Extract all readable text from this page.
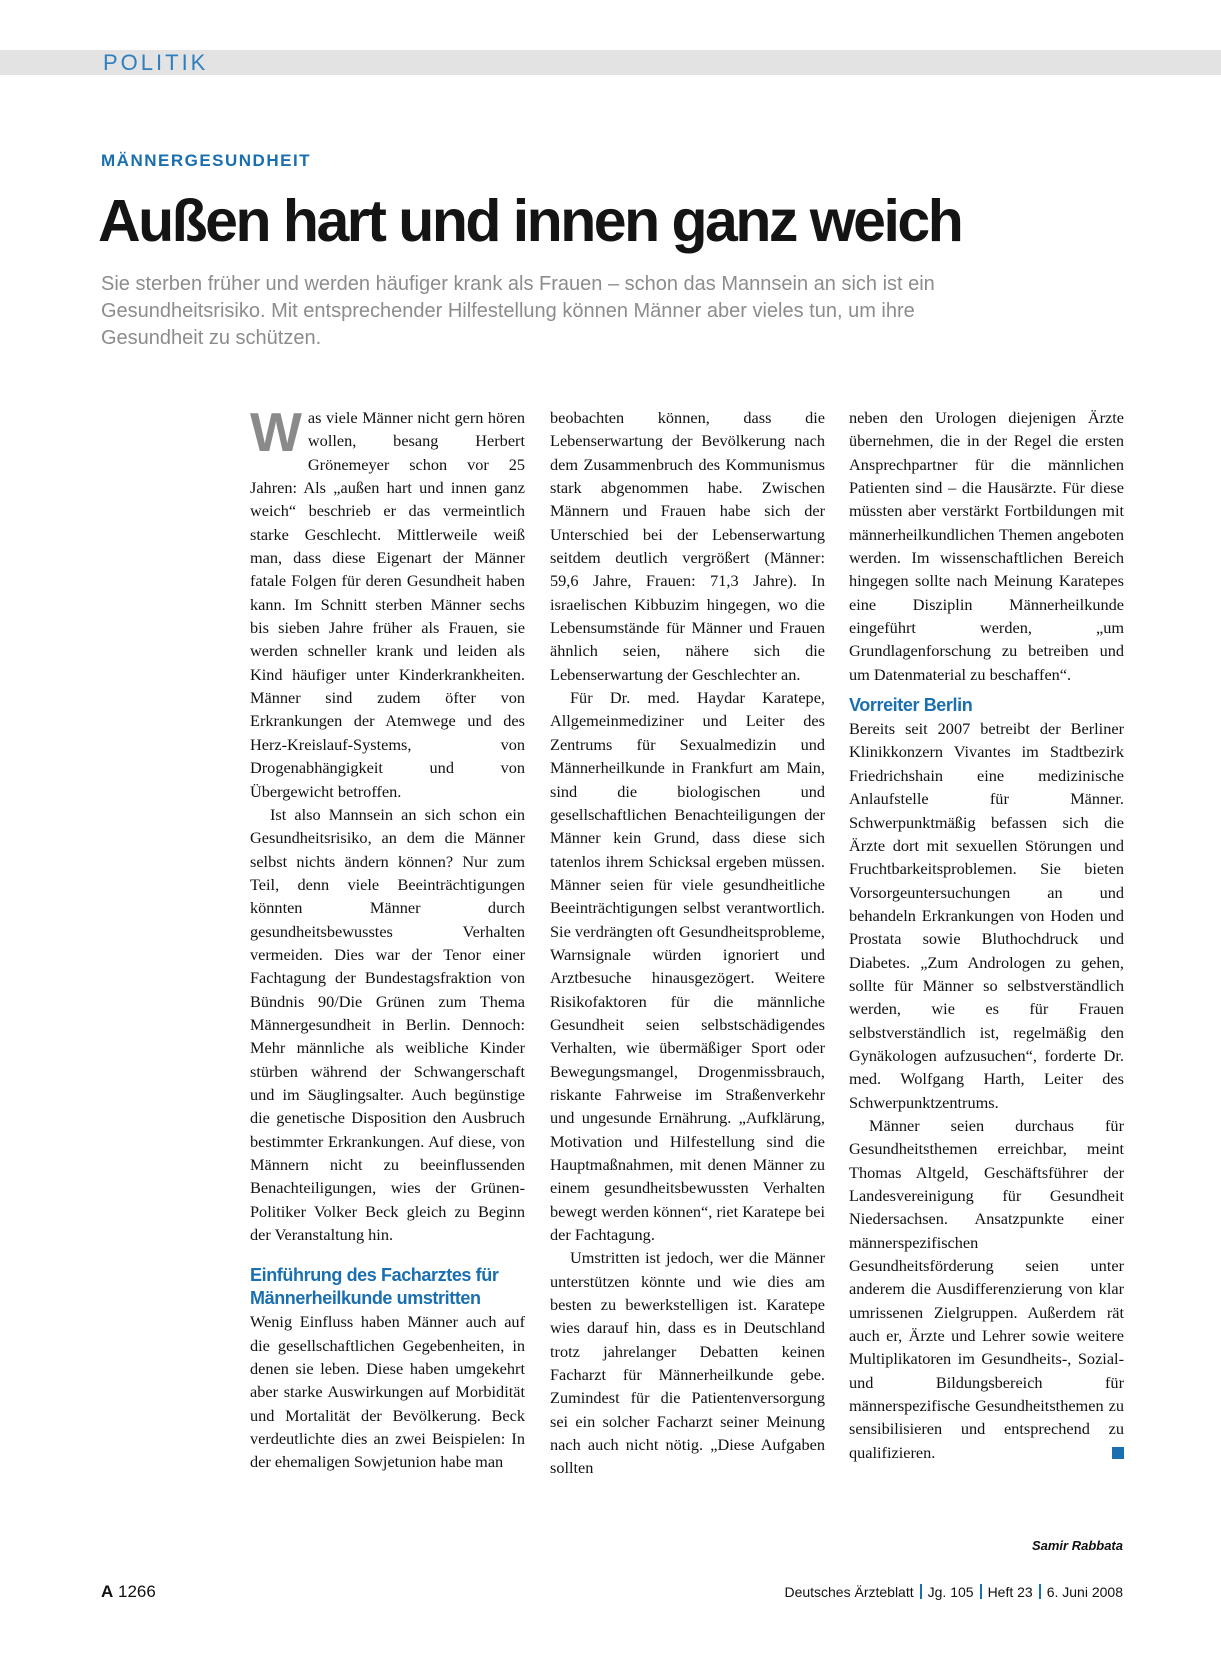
POLITIK
MÄNNERGESUNDHEIT
Außen hart und innen ganz weich

Sie sterben früher und werden häufiger krank als Frauen – schon das Mannsein an sich ist ein Gesundheitsrisiko. Mit entsprechender Hilfestellung können Männer aber vieles tun, um ihre Gesundheit zu schützen.

Was viele Männer nicht gern hören wollen, besang Herbert Grönemeyer schon vor 25 Jahren: Als „außen hart und innen ganz weich“ beschrieb er das vermeintlich starke Geschlecht. Mittlerweile weiß man, dass diese Eigenart der Männer fatale Folgen für deren Gesundheit haben kann. Im Schnitt sterben Männer sechs bis sieben Jahre früher als Frauen, sie werden schneller krank und leiden als Kind häufiger unter Kinderkrankheiten. Männer sind zudem öfter von Erkrankungen der Atemwege und des Herz-Kreislauf-Systems, von Drogenabhängigkeit und von Übergewicht betroffen.

Ist also Mannsein an sich schon ein Gesundheitsrisiko, an dem die Männer selbst nichts ändern können? Nur zum Teil, denn viele Beeinträchtigungen könnten Männer durch gesundheitsbewusstes Verhalten vermeiden. Dies war der Tenor einer Fachtagung der Bundestagsfraktion von Bündnis 90/Die Grünen zum Thema Männergesundheit in Berlin. Dennoch: Mehr männliche als weibliche Kinder stürben während der Schwangerschaft und im Säuglingsalter. Auch begünstige die genetische Disposition den Ausbruch bestimmter Erkrankungen. Auf diese, von Männern nicht zu beeinflussenden Benachteiligungen, wies der Grünen-Politiker Volker Beck gleich zu Beginn der Veranstaltung hin.

Einführung des Facharztes für Männerheilkunde umstritten

Wenig Einfluss haben Männer auch auf die gesellschaftlichen Gegebenheiten, in denen sie leben. Diese haben umgekehrt aber starke Auswirkungen auf Morbidität und Mortalität der Bevölkerung. Beck verdeutlichte dies an zwei Beispielen: In der ehemaligen Sowjetunion habe man

beobachten können, dass die Lebenserwartung der Bevölkerung nach dem Zusammenbruch des Kommunismus stark abgenommen habe. Zwischen Männern und Frauen habe sich der Unterschied bei der Lebenserwartung seitdem deutlich vergrößert (Männer: 59,6 Jahre, Frauen: 71,3 Jahre). In israelischen Kibbuzim hingegen, wo die Lebensumstände für Männer und Frauen ähnlich seien, nähere sich die Lebenserwartung der Geschlechter an.

Für Dr. med. Haydar Karatepe, Allgemeinmediziner und Leiter des Zentrums für Sexualmedizin und Männerheilkunde in Frankfurt am Main, sind die biologischen und gesellschaftlichen Benachteiligungen der Männer kein Grund, dass diese sich tatenlos ihrem Schicksal ergeben müssen. Männer seien für viele gesundheitliche Beeinträchtigungen selbst verantwortlich. Sie verdrängten oft Gesundheitsprobleme, Warnsignale würden ignoriert und Arztbesuche hinausgezögert. Weitere Risikofaktoren für die männliche Gesundheit seien selbstschädigendes Verhalten, wie übermäßiger Sport oder Bewegungsmangel, Drogenmissbrauch, riskante Fahrweise im Straßenverkehr und ungesunde Ernährung. „Aufklärung, Motivation und Hilfestellung sind die Hauptmaßnahmen, mit denen Männer zu einem gesundheitsbewussten Verhalten bewegt werden können“, riet Karatepe bei der Fachtagung.

Umstritten ist jedoch, wer die Männer unterstützen könnte und wie dies am besten zu bewerkstelligen ist. Karatepe wies darauf hin, dass es in Deutschland trotz jahrelanger Debatten keinen Facharzt für Männerheilkunde gebe. Zumindest für die Patientenversorgung sei ein solcher Facharzt seiner Meinung nach auch nicht nötig. „Diese Aufgaben sollten

neben den Urologen diejenigen Ärzte übernehmen, die in der Regel die ersten Ansprechpartner für die männlichen Patienten sind – die Hausärzte. Für diese müssten aber verstärkt Fortbildungen mit männerheilkundlichen Themen angeboten werden. Im wissenschaftlichen Bereich hingegen sollte nach Meinung Karatepes eine Disziplin Männerheilkunde eingeführt werden, „um Grundlagenforschung zu betreiben und um Datenmaterial zu beschaffen“.

Vorreiter Berlin

Bereits seit 2007 betreibt der Berliner Klinikkonzern Vivantes im Stadtbezirk Friedrichshain eine medizinische Anlaufstelle für Männer. Schwerpunktmäßig befassen sich die Ärzte dort mit sexuellen Störungen und Fruchtbarkeitsproblemen. Sie bieten Vorsorgeuntersuchungen an und behandeln Erkrankungen von Hoden und Prostata sowie Bluthochdruck und Diabetes. „Zum Andrologen zu gehen, sollte für Männer so selbstverständlich werden, wie es für Frauen selbstverständlich ist, regelmäßig den Gynäkologen aufzusuchen“, forderte Dr. med. Wolfgang Harth, Leiter des Schwerpunktzentrums.

Männer seien durchaus für Gesundheitsthemen erreichbar, meint Thomas Altgeld, Geschäftsführer der Landesvereinigung für Gesundheit Niedersachsen. Ansatzpunkte einer männerspezifischen Gesundheitsförderung seien unter anderem die Ausdifferenzierung von klar umrissenen Zielgruppen. Außerdem rät auch er, Ärzte und Lehrer sowie weitere Multiplikatoren im Gesundheits-, Sozial- und Bildungsbereich für männerspezifische Gesundheitsthemen zu sensibilisieren und entsprechend zu qualifizieren.

Samir Rabbata
A 1266	Deutsches Ärzteblatt Jg. 105 Heft 23 6. Juni 2008
